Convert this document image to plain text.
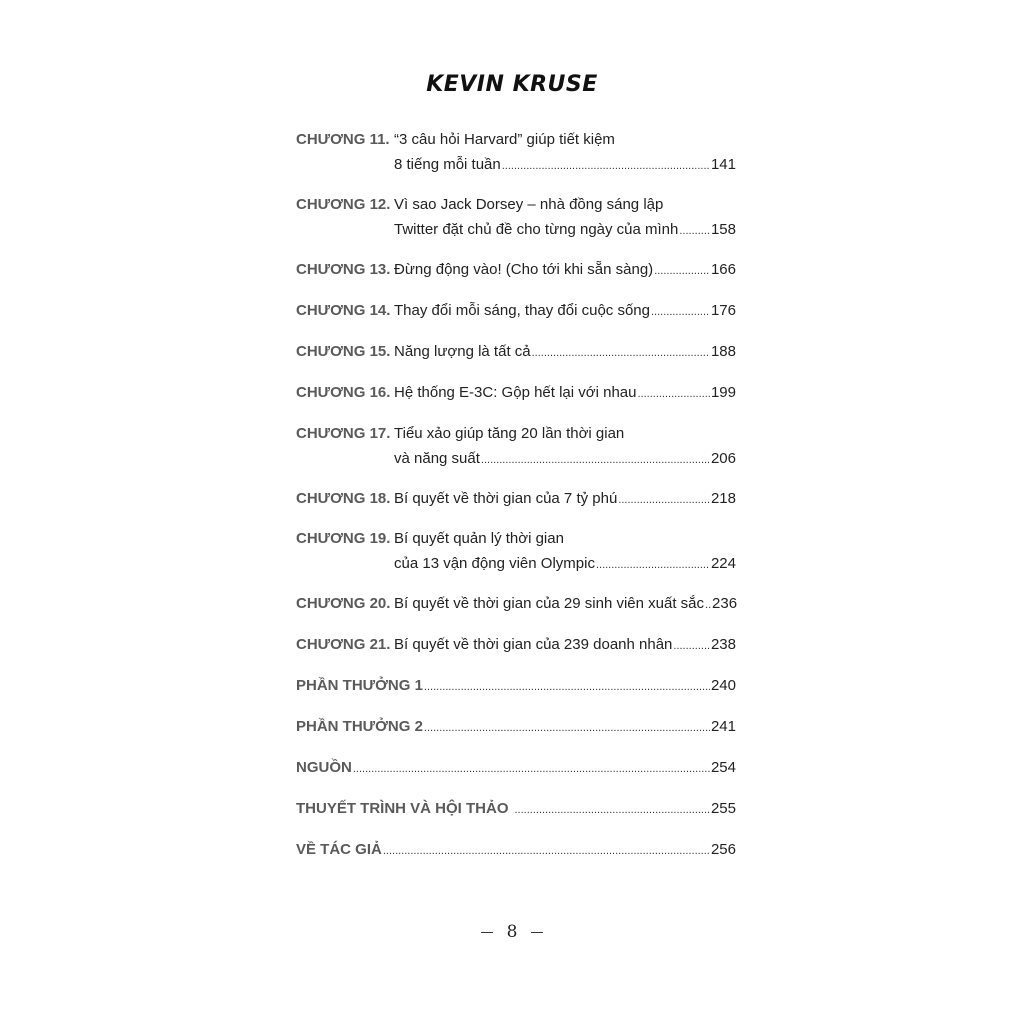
KEVIN KRUSE
CHƯƠNG 11. “3 câu hỏi Harvard” giúp tiết kiệm
8 tiếng mỗi tuần .....	141
CHƯƠNG 12. Vì sao Jack Dorsey – nhà đồng sáng lập
Twitter đặt chủ đề cho từng ngày của mình ..... 158
CHƯƠNG 13. Đừng động vào! (Cho tới khi sẵn sàng) .....	166
CHƯƠNG 14. Thay đổi mỗi sáng, thay đổi cuộc sống .....	176
CHƯƠNG 15. Năng lượng là tất cả .....	188
CHƯƠNG 16. Hệ thống E-3C: Gộp hết lại với nhau .....	199
CHƯƠNG 17. Tiểu xảo giúp tăng 20 lần thời gian
và năng suất .....	206
CHƯƠNG 18. Bí quyết về thời gian của 7 tỷ phú .....	218
CHƯƠNG 19. Bí quyết quản lý thời gian
của 13 vận động viên Olympic .....	224
CHƯƠNG 20. Bí quyết về thời gian của 29 sinh viên xuất sắc ..... 236
CHƯƠNG 21. Bí quyết về thời gian của 239 doanh nhân .....	238
PHẦN THƯỞNG 1 .....	240
PHẦN THƯỞNG 2 .....	241
NGUỒN .....	254
THUYẾT TRÌNH VÀ HỘI THẢO .....	255
VỀ TÁC GIẢ .....	256
8
